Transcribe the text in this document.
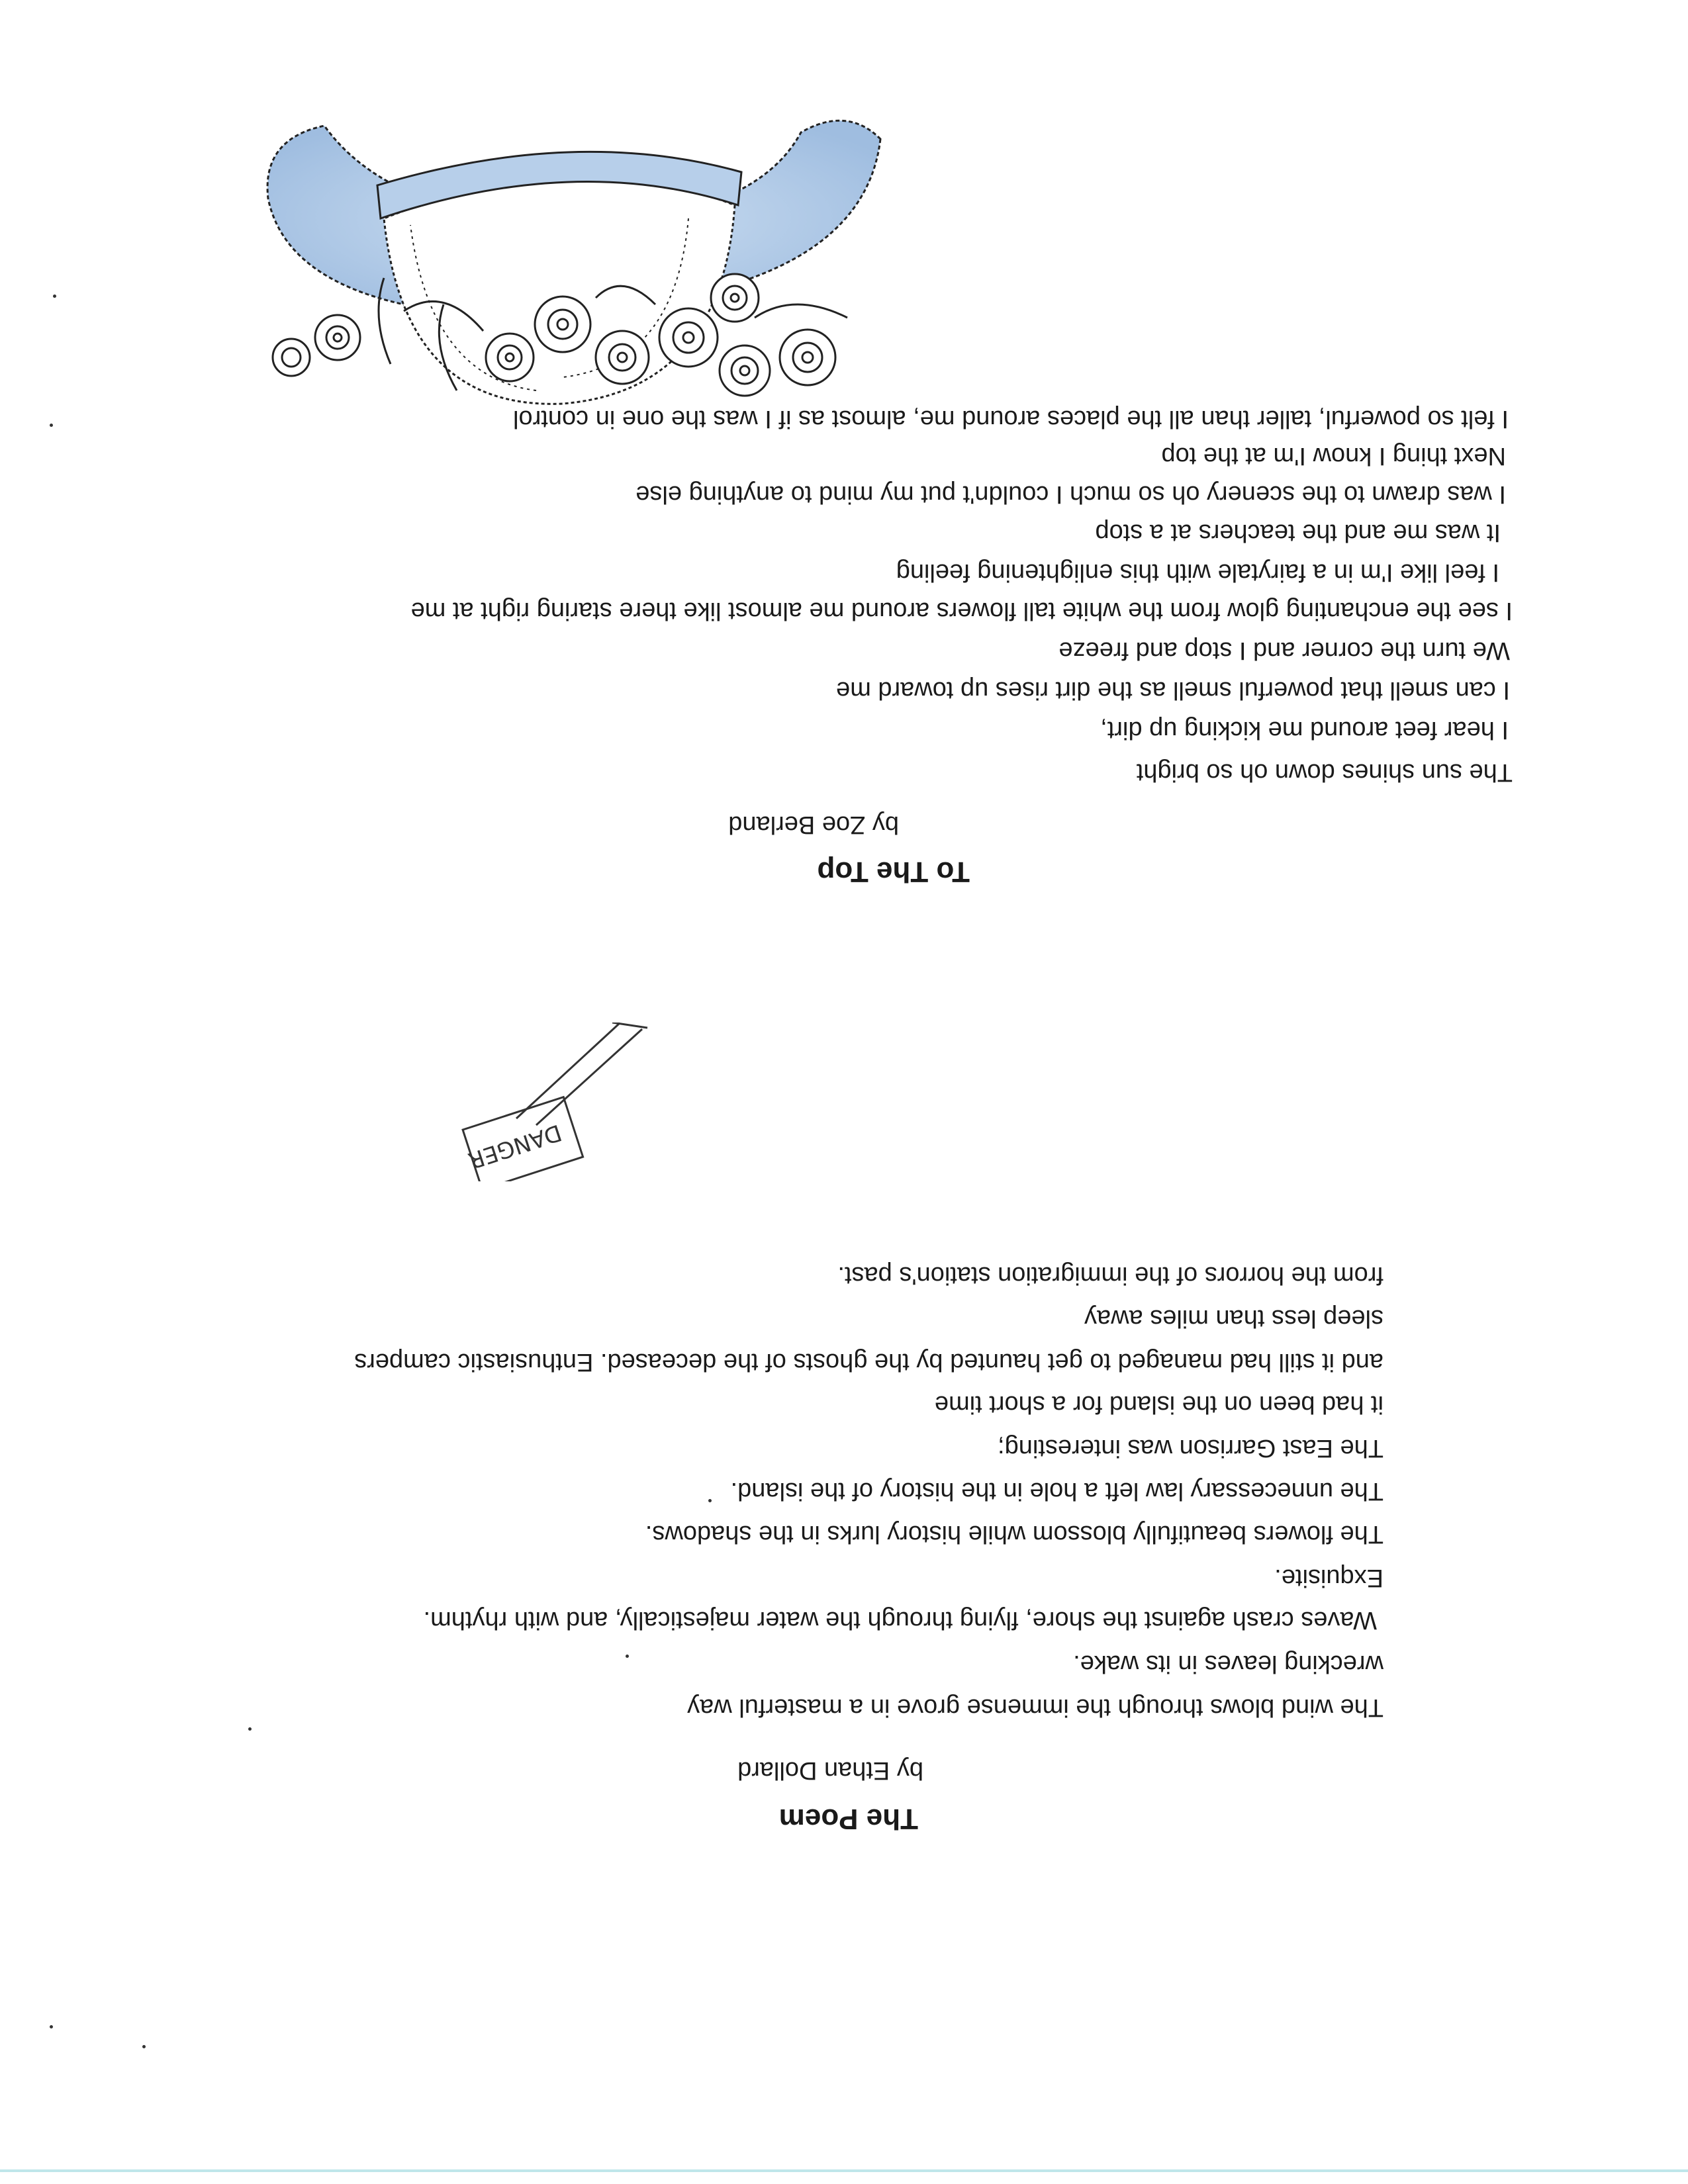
The Poem

by Ethan Dollard

The wind blows through the immense grove in a masterful way
wrecking leaves in its wake.
Waves crash against the shore, flying through the water majestically, and with rhythm.
Exquisite.
The flowers beautifully blossom while history lurks in the shadows.
The unnecessary law left a hole in the history of the island.
The East Garrison was interesting;
it had been on the island for a short time
and it still had managed to get haunted by the ghosts of the deceased. Enthusiastic campers
sleep less than miles away
from the horrors of the immigration station's past.
DANGER
To The Top

by Zoe Berland

The sun shines down oh so bright
I hear feet around me kicking up dirt,
I can smell that powerful smell as the dirt rises up toward me
We turn the corner and I stop and freeze
I see the enchanting glow from the white tall flowers around me almost like there staring right at me
I feel like I'm in a fairytale with this enlightening feeling
It was me and the teachers at a stop
I was drawn to the scenery oh so much I couldn't put my mind to anything else
Next thing I know I'm at the top
I felt so powerful, taller than all the places around me, almost as if I was the one in control
